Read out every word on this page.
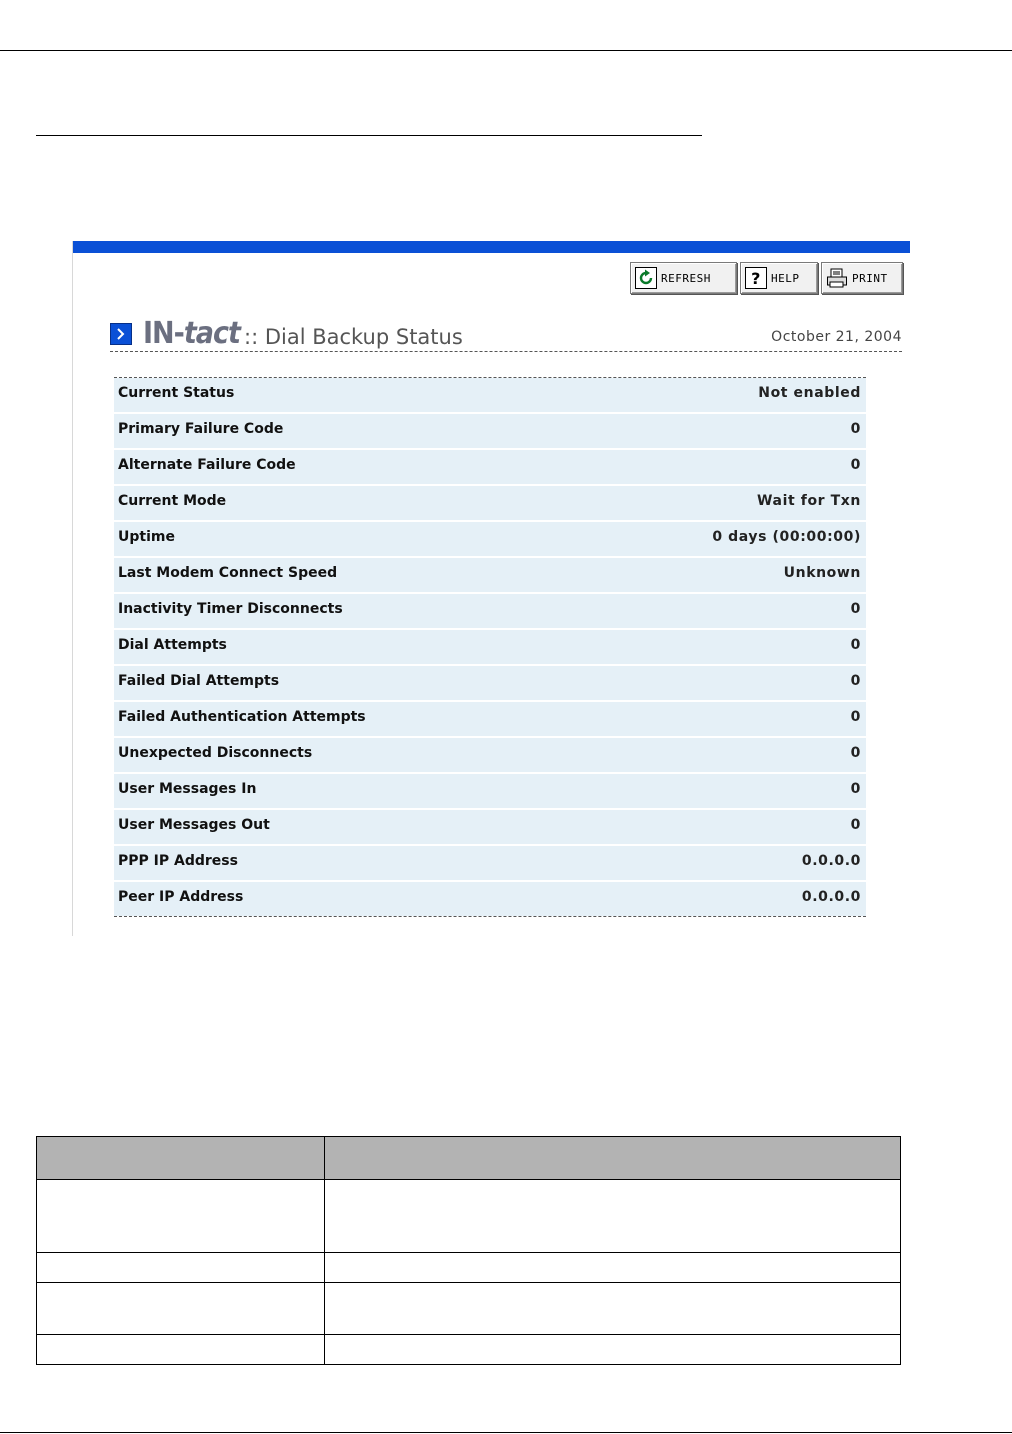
REFRESH	? HELP	PRINT
IN-tact :: Dial Backup Status	October 21, 2004
Current Status	Not enabled
Primary Failure Code	0
Alternate Failure Code	0
Current Mode	Wait for Txn
Uptime	0 days (00:00:00)
Last Modem Connect Speed	Unknown
Inactivity Timer Disconnects	0
Dial Attempts	0
Failed Dial Attempts	0
Failed Authentication Attempts	0
Unexpected Disconnects	0
User Messages In	0
User Messages Out	0
PPP IP Address	0.0.0.0
Peer IP Address	0.0.0.0
